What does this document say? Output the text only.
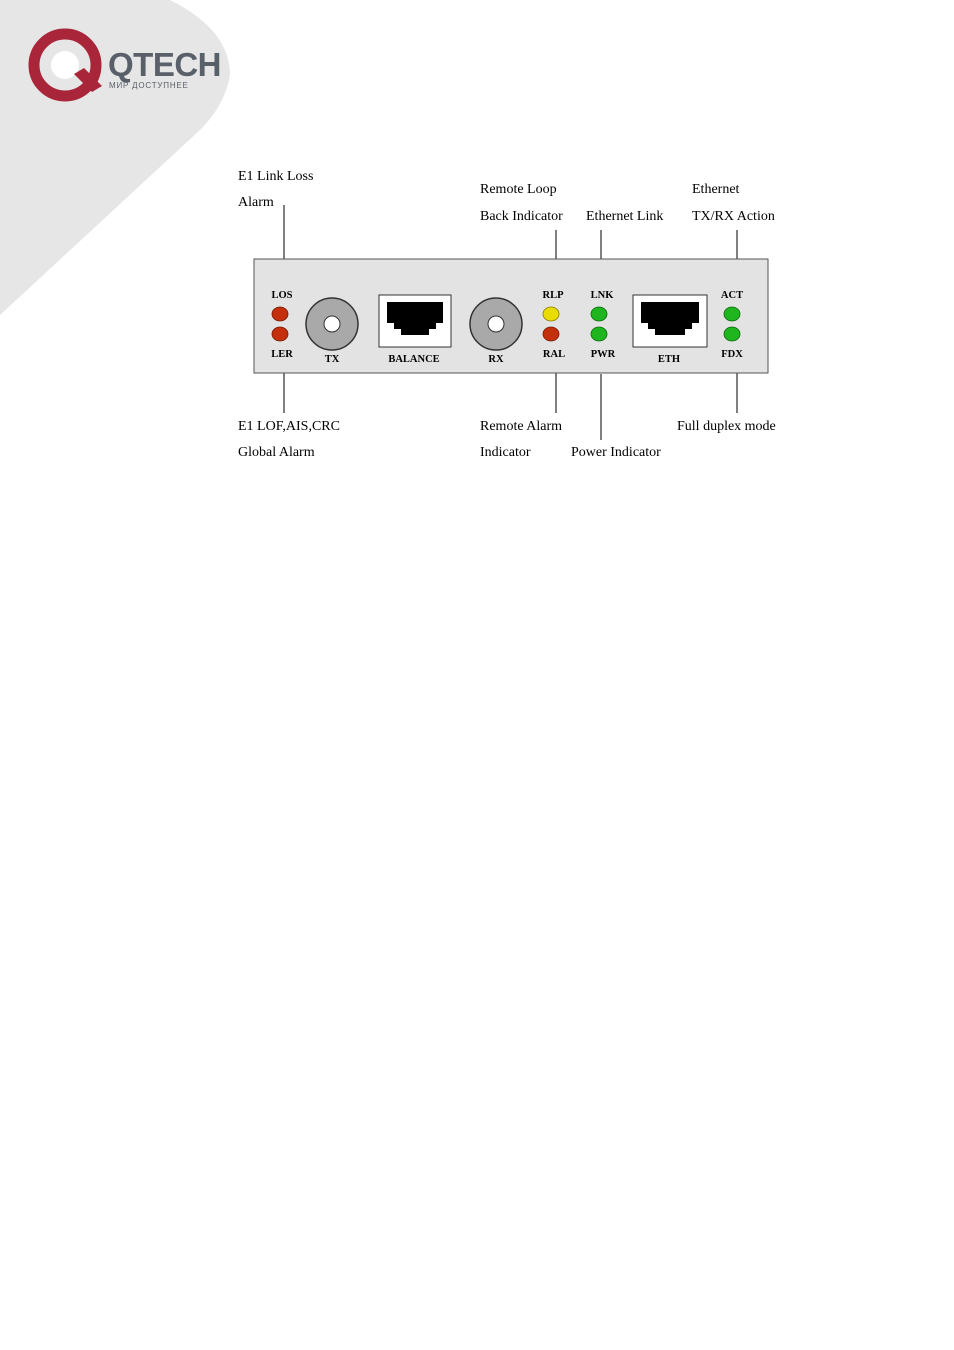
QTECH
МИР ДОСТУПНЕЕ
LOS
LER	TX	BALANCE	RX
RLP
RAL
LNK
PWR	ETH
ACT
FDX
E1 Link Loss
Alarm
Remote Loop
Back Indicator Ethernet Link
Ethernet
TX/RX Action
E1 LOF,AIS,CRC
Global Alarm
Remote Alarm
Indicator	Power Indicator
Full duplex mode
